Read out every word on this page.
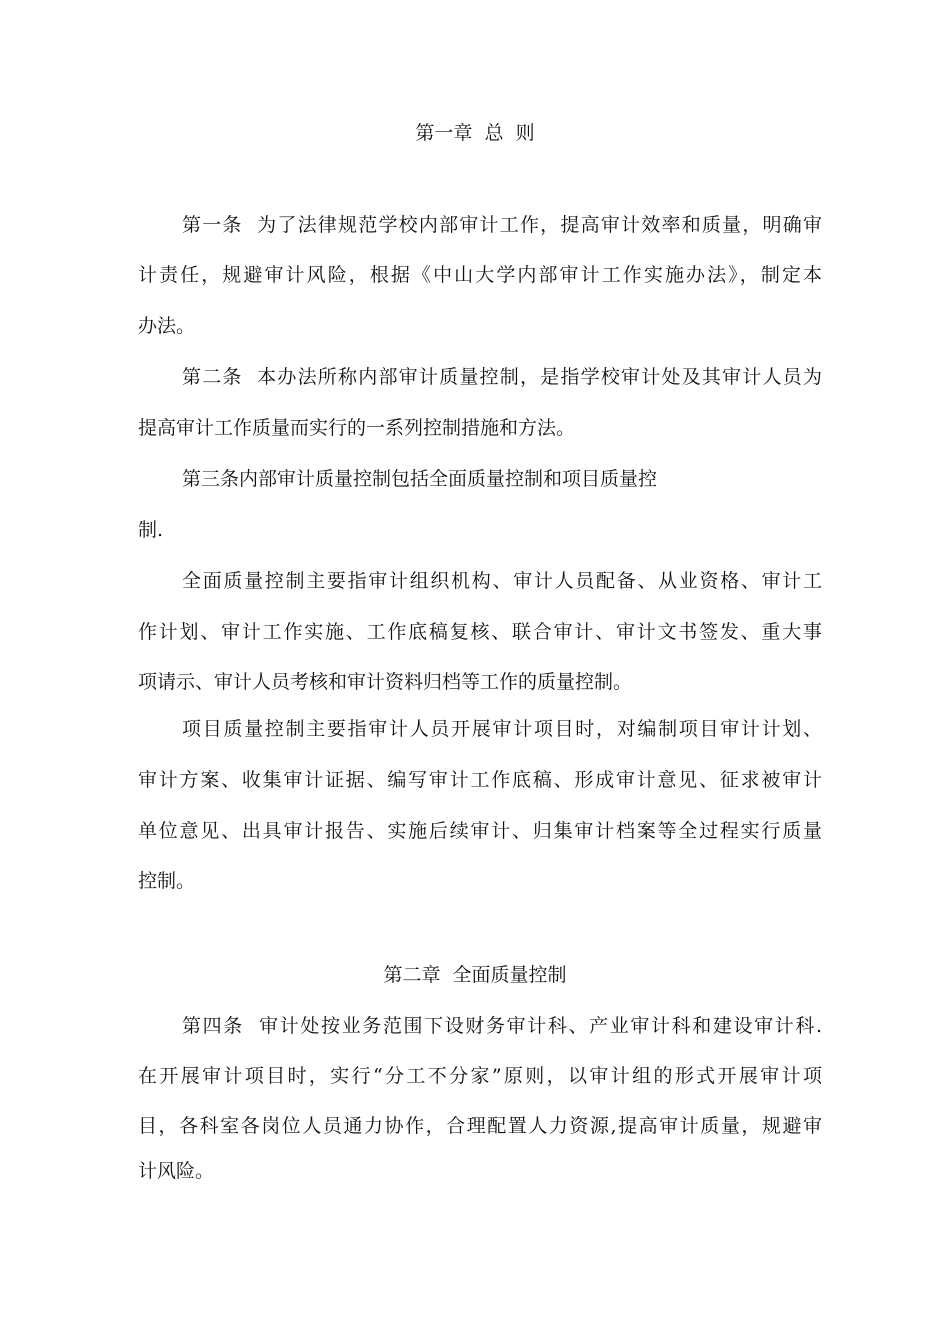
第一章  总  则
第一条  为了法律规范学校内部审计工作，提高审计效率和质量，明确审
计责任，规避审计风险，根据《中山大学内部审计工作实施办法》，制定本
办法。
第二条  本办法所称内部审计质量控制，是指学校审计处及其审计人员为
提高审计工作质量而实行的一系列控制措施和方法。
第三条内部审计质量控制包括全面质量控制和项目质量控
制.
全面质量控制主要指审计组织机构、审计人员配备、从业资格、审计工
作计划、审计工作实施、工作底稿复核、联合审计、审计文书签发、重大事
项请示、审计人员考核和审计资料归档等工作的质量控制。
项目质量控制主要指审计人员开展审计项目时，对编制项目审计计划、
审计方案、收集审计证据、编写审计工作底稿、形成审计意见、征求被审计
单位意见、出具审计报告、实施后续审计、归集审计档案等全过程实行质量
控制。
第二章  全面质量控制
第四条  审计处按业务范围下设财务审计科、产业审计科和建设审计科.
在开展审计项目时，实行“分工不分家”原则，以审计组的形式开展审计项
目，各科室各岗位人员通力协作，合理配置人力资源,提高审计质量，规避审
计风险。
